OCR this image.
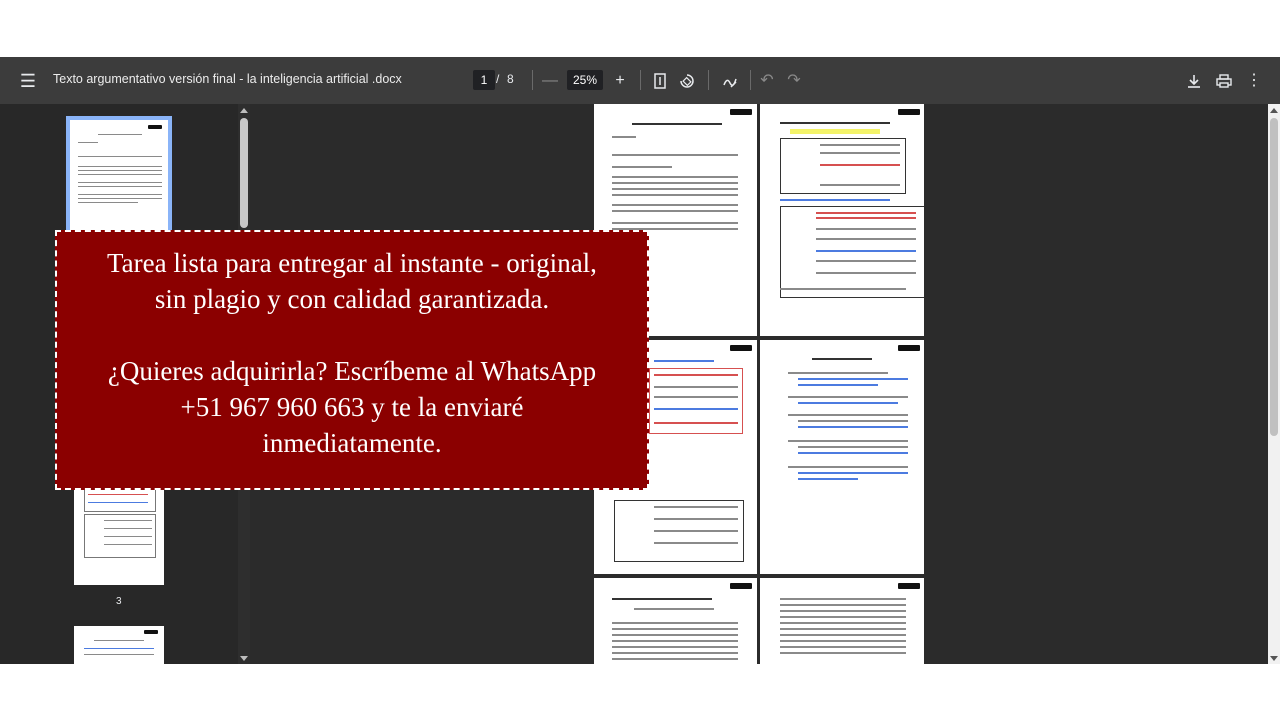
☰	Texto argumentativo versión final - la inteligencia artificial .docx	1 / 8 —	25%	+	↶ ↷	⋮
3
Tarea lista para entregar al instante - original,
sin plagio y con calidad garantizada.
¿Quieres adquirirla? Escríbeme al WhatsApp
+51 967 960 663 y te la enviaré
inmediatamente.
